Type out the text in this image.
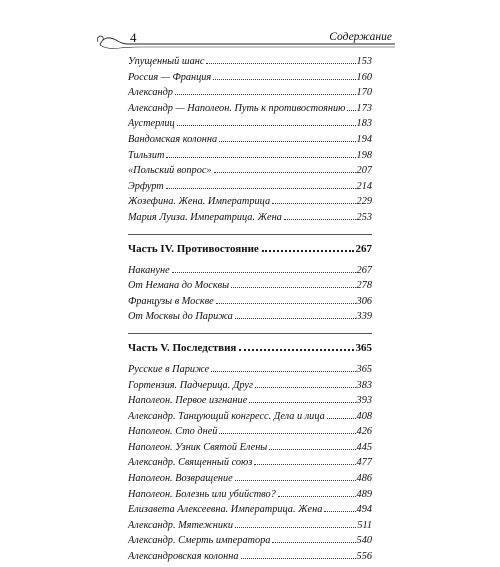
4	Содержание
Упущенный шанс	153
Россия — Франция	160
Александр	170
Александр — Наполеон. Путь к противостоянию 173
Аустерлиц	183
Вандомская колонна	194
Тильзит	198
«Польский вопрос»	207
Эрфурт	214
Жозефина. Жена. Императрица	229
Мария Луиза. Императрица. Жена	253
Часть IV. Противостояние	267
Накануне	267
От Немана до Москвы	278
Французы в Москве	306
От Москвы до Парижа	339
Часть V. Последствия	365
Русские в Париже	365
Гортензия. Падчерица. Друг	383
Наполеон. Первое изгнание	393
Александр. Танцующий конгресс. Дела и лица	408
Наполеон. Сто дней	426
Наполеон. Узник Святой Елены	445
Александр. Священный союз	477
Наполеон. Возвращение	486
Наполеон. Болезнь или убийство?	489
Елизавета Алексеевна. Императрица. Жена	494
Александр. Мятежники	511
Александр. Смерть императора	540
Александровская колонна	556
